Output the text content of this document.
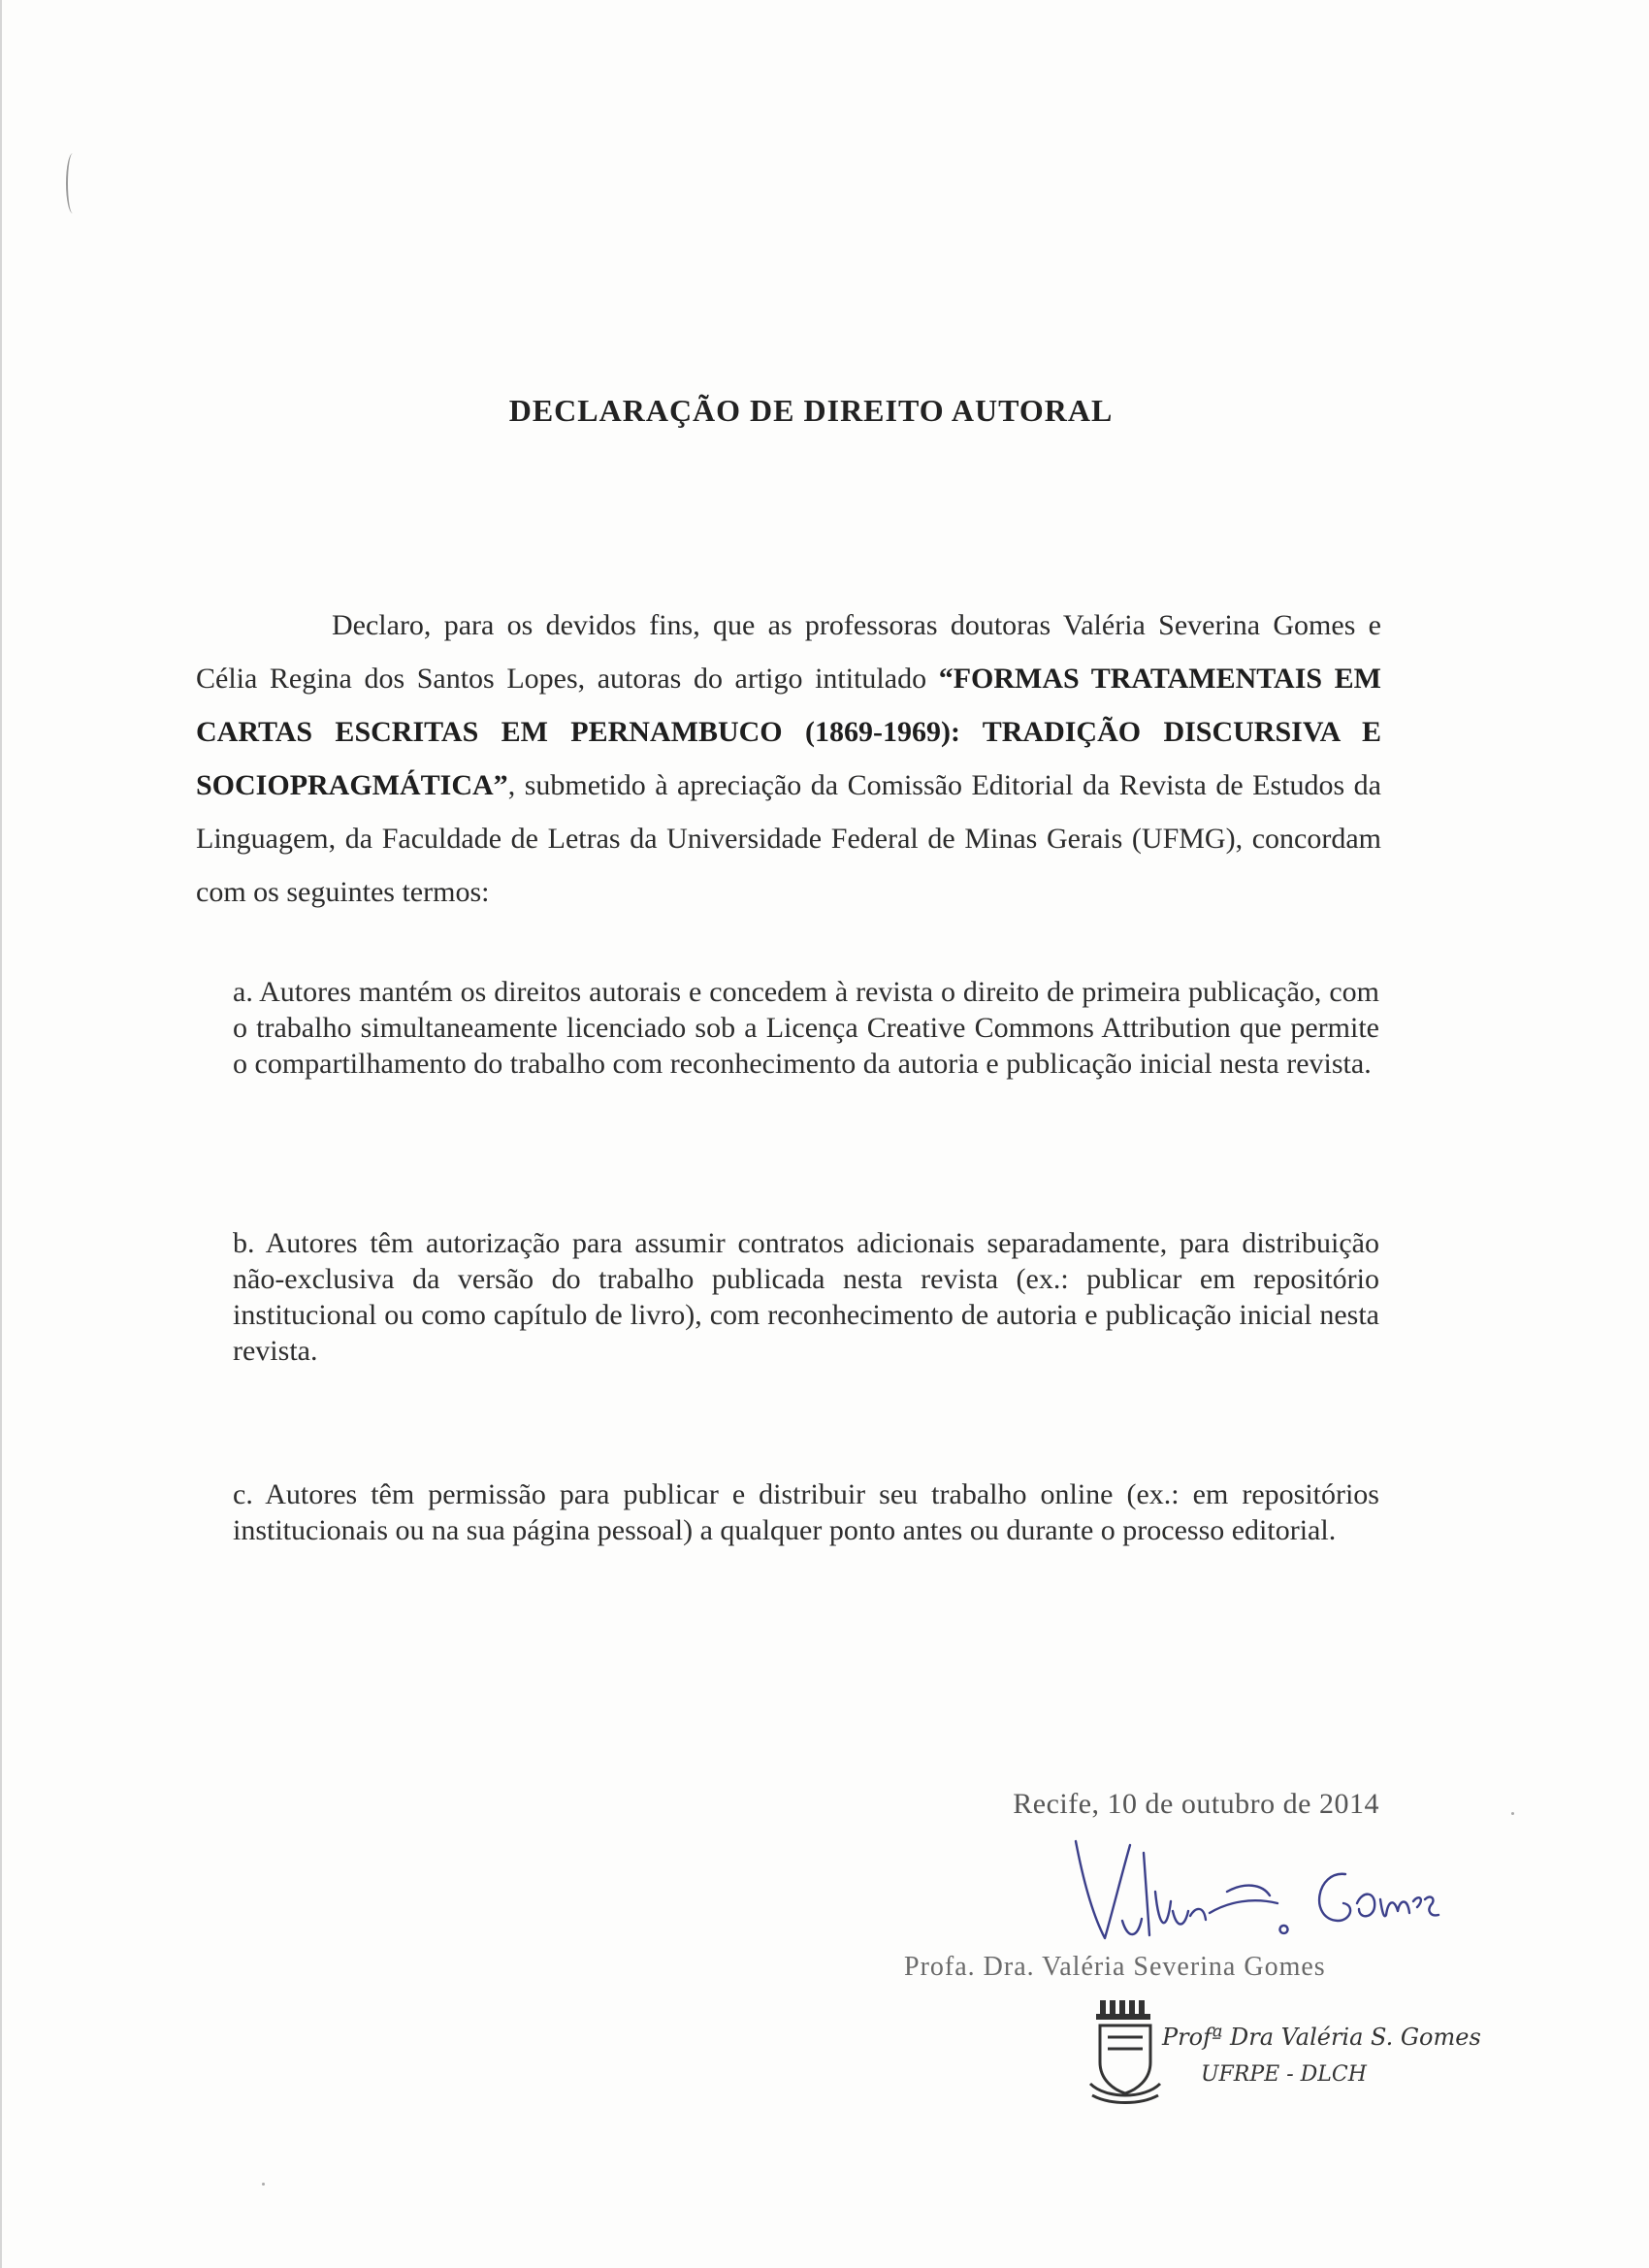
DECLARAÇÃO DE DIREITO AUTORAL
Declaro, para os devidos fins, que as professoras doutoras Valéria Severina Gomes e Célia Regina dos Santos Lopes, autoras do artigo intitulado “FORMAS TRATAMENTAIS EM CARTAS ESCRITAS EM PERNAMBUCO (1869-1969): TRADIÇÃO DISCURSIVA E SOCIOPRAGMÁTICA”, submetido à apreciação da Comissão Editorial da Revista de Estudos da Linguagem, da Faculdade de Letras da Universidade Federal de Minas Gerais (UFMG), concordam com os seguintes termos:
a. Autores mantém os direitos autorais e concedem à revista o direito de primeira publicação, com o trabalho simultaneamente licenciado sob a Licença Creative Commons Attribution que permite o compartilhamento do trabalho com reconhecimento da autoria e publicação inicial nesta revista.
b. Autores têm autorização para assumir contratos adicionais separadamente, para distribuição não-exclusiva da versão do trabalho publicada nesta revista (ex.: publicar em repositório institucional ou como capítulo de livro), com reconhecimento de autoria e publicação inicial nesta revista.
c. Autores têm permissão para publicar e distribuir seu trabalho online (ex.: em repositórios institucionais ou na sua página pessoal) a qualquer ponto antes ou durante o processo editorial.
Recife, 10 de outubro de 2014
Profa. Dra. Valéria Severina Gomes
Profª Dra Valéria S. Gomes
UFRPE - DLCH
